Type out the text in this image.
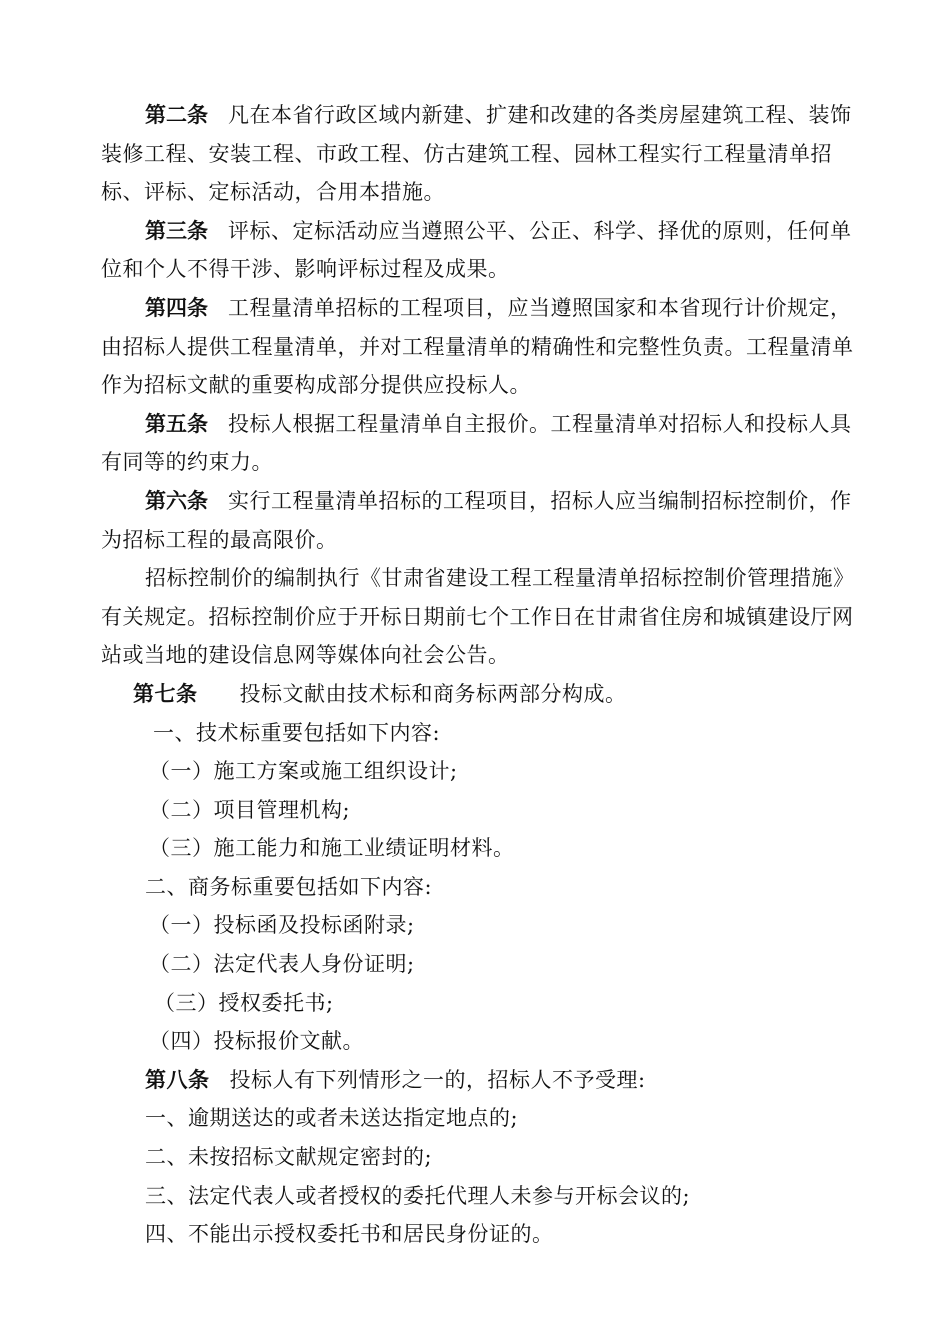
第二条 凡在本省行政区域内新建、扩建和改建的各类房屋建筑工程、装饰装修工程、安装工程、市政工程、仿古建筑工程、园林工程实行工程量清单招标、评标、定标活动，合用本措施。

第三条 评标、定标活动应当遵照公平、公正、科学、择优的原则，任何单位和个人不得干涉、影响评标过程及成果。

第四条 工程量清单招标的工程项目，应当遵照国家和本省现行计价规定，由招标人提供工程量清单，并对工程量清单的精确性和完整性负责。工程量清单作为招标文献的重要构成部分提供应投标人。

第五条 投标人根据工程量清单自主报价。工程量清单对招标人和投标人具有同等的约束力。

第六条 实行工程量清单招标的工程项目，招标人应当编制招标控制价，作为招标工程的最高限价。

招标控制价的编制执行《甘肃省建设工程工程量清单招标控制价管理措施》有关规定。招标控制价应于开标日期前七个工作日在甘肃省住房和城镇建设厅网站或当地的建设信息网等媒体向社会公告。

第七条 投标文献由技术标和商务标两部分构成。

一、技术标重要包括如下内容:

（一）施工方案或施工组织设计;

（二）项目管理机构;

（三）施工能力和施工业绩证明材料。

二、商务标重要包括如下内容:

（一）投标函及投标函附录;

（二）法定代表人身份证明;

（三）授权委托书;

（四）投标报价文献。

第八条 投标人有下列情形之一的，招标人不予受理:

一、逾期送达的或者未送达指定地点的;

二、未按招标文献规定密封的;

三、法定代表人或者授权的委托代理人未参与开标会议的;

四、不能出示授权委托书和居民身份证的。
